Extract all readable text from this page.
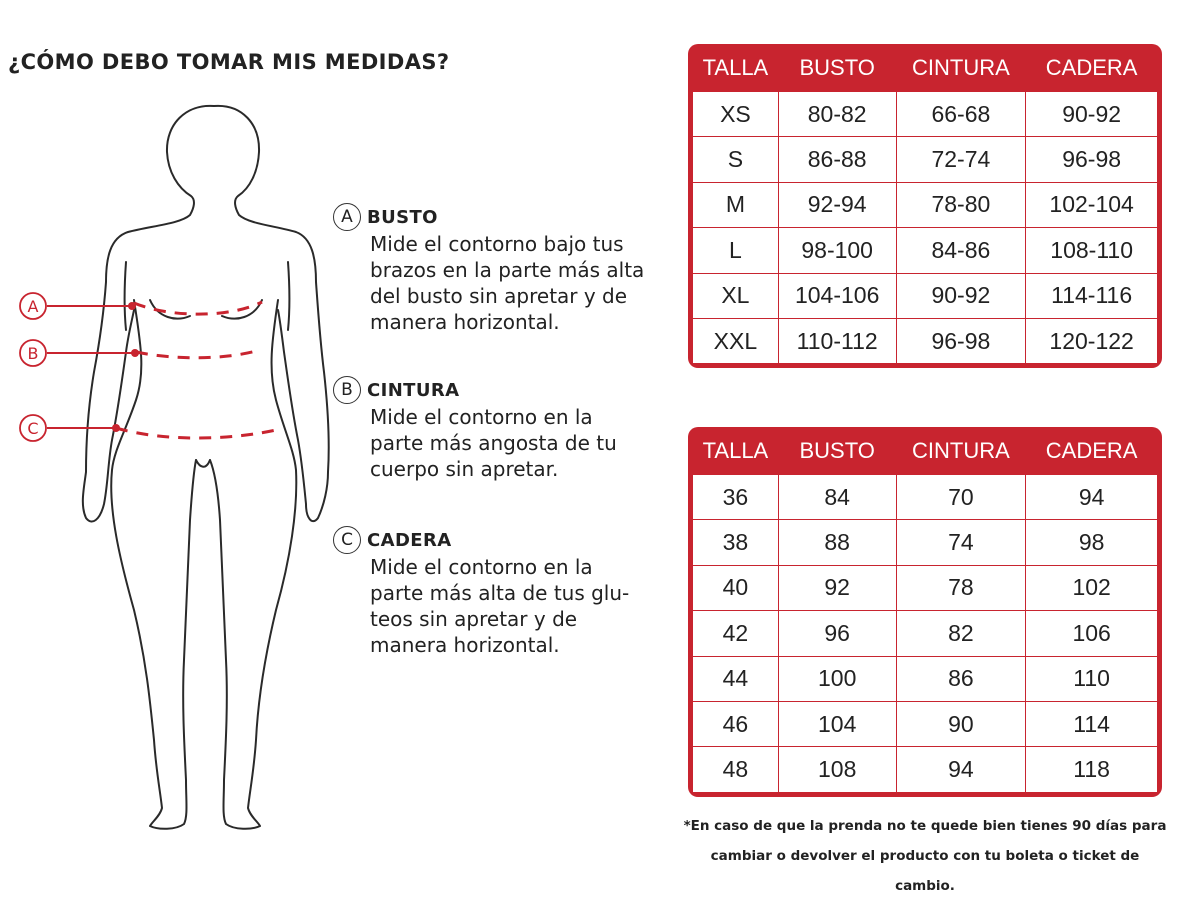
¿CÓMO DEBO TOMAR MIS MEDIDAS?
A
B
C
A BUSTO
Mide el contorno bajo tus
brazos en la parte más alta
del busto sin apretar y de
manera horizontal.
B CINTURA
Mide el contorno en la
parte más angosta de tu
cuerpo sin apretar.
C CADERA
Mide el contorno en la
parte más alta de tus glu-
teos sin apretar y de
manera horizontal.
TALLA	BUSTO	CINTURA	CADERA
XS	80-82	66-68	90-92
S	86-88	72-74	96-98
M	92-94	78-80	102-104
L	98-100	84-86	108-110
XL	104-106	90-92	114-116
XXL	110-112	96-98	120-122
TALLA	BUSTO	CINTURA	CADERA
36	84	70	94
38	88	74	98
40	92	78	102
42	96	82	106
44	100	86	110
46	104	90	114
48	108	94	118
*En caso de que la prenda no te quede bien tienes 90 días para
cambiar o devolver el producto con tu boleta o ticket de cambio.
